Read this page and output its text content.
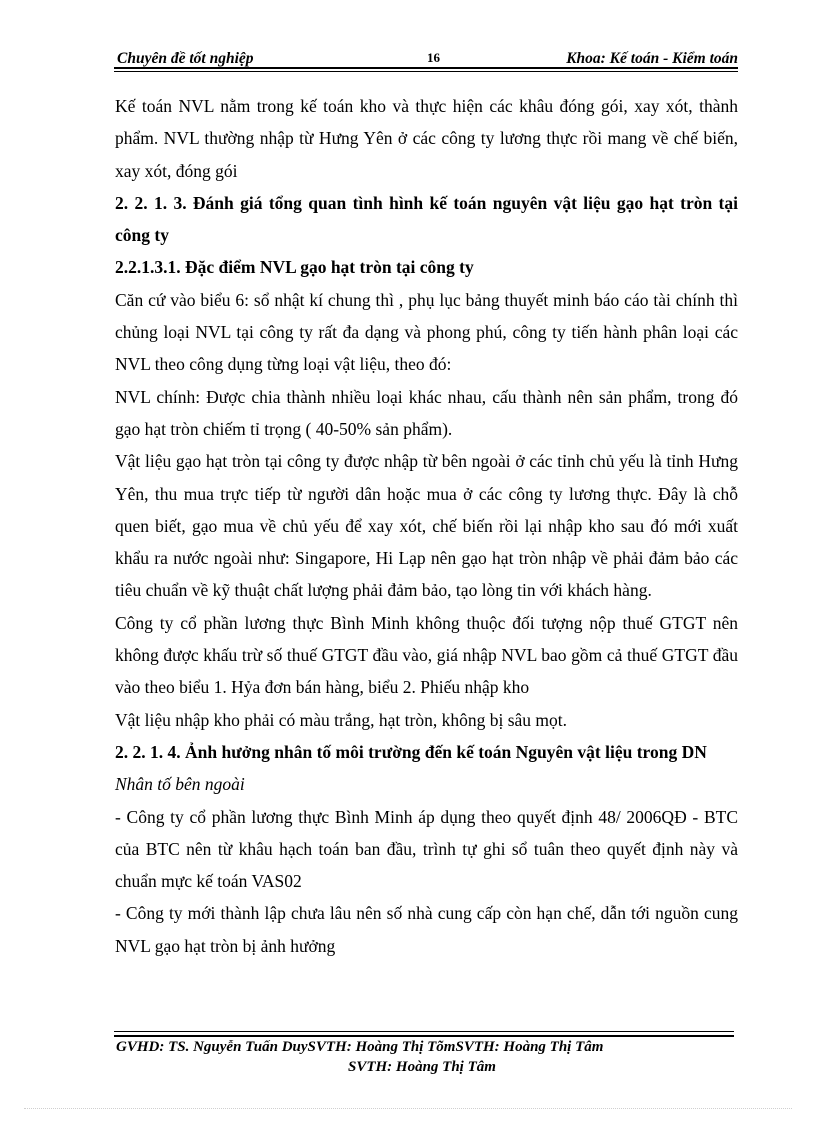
Chuyên đề tốt nghiệp	16	Khoa: Kế toán - Kiểm toán

Kế toán NVL nằm trong kế toán kho và thực hiện các khâu đóng gói, xay xót, thành phẩm. NVL thường nhập từ Hưng Yên ở các công ty lương thực rồi mang về chế biến, xay xót, đóng gói

2. 2. 1. 3. Đánh giá tổng quan tình hình kế toán nguyên vật liệu gạo hạt tròn tại công ty

2.2.1.3.1. Đặc điểm NVL gạo hạt tròn tại công ty

Căn cứ vào biểu 6: sổ nhật kí chung thì , phụ lục bảng thuyết minh báo cáo tài chính thì chủng loại NVL tại công ty rất đa dạng và phong phú, công ty tiến hành phân loại các NVL theo công dụng từng loại vật liệu, theo đó:

NVL chính: Được chia thành nhiều loại khác nhau, cấu thành nên sản phẩm, trong đó gạo hạt tròn chiếm tỉ trọng ( 40-50% sản phẩm).

Vật liệu gạo hạt tròn tại công ty được nhập từ bên ngoài ở các tỉnh chủ yếu là tỉnh Hưng Yên, thu mua trực tiếp từ người dân hoặc mua ở các công ty lương thực. Đây là chỗ quen biết, gạo mua về chủ yếu để xay xót, chế biến rồi lại nhập kho sau đó mới xuất khẩu ra nước ngoài như: Singapore, Hi Lạp nên gạo hạt tròn nhập về phải đảm bảo các tiêu chuẩn về kỹ thuật chất lượng phải đảm bảo, tạo lòng tin với khách hàng.

Công ty cổ phần lương thực Bình Minh không thuộc đối tượng nộp thuế GTGT nên không được khấu trừ số thuế GTGT đầu vào, giá nhập NVL bao gồm cả thuế GTGT đầu vào theo biểu 1. Hỷa đơn bán hàng, biểu 2. Phiếu nhập kho

Vật liệu nhập kho phải có màu trắng, hạt tròn, không bị sâu mọt.

2. 2. 1. 4. Ảnh hưởng nhân tố môi trường đến kế toán Nguyên vật liệu trong DN

Nhân tố bên ngoài

- Công ty cổ phần lương thực Bình Minh áp dụng theo quyết định 48/ 2006QĐ - BTC của BTC nên từ khâu hạch toán ban đầu, trình tự ghi sổ tuân theo quyết định này và chuẩn mực kế toán VAS02

- Công ty mới thành lập chưa lâu nên số nhà cung cấp còn hạn chế, dẫn tới nguồn cung NVL gạo hạt tròn bị ảnh hưởng

GVHD: TS. Nguyễn Tuấn DuySVTH: Hoàng Thị TõmSVTH: Hoàng Thị Tâm
SVTH: Hoàng Thị Tâm
